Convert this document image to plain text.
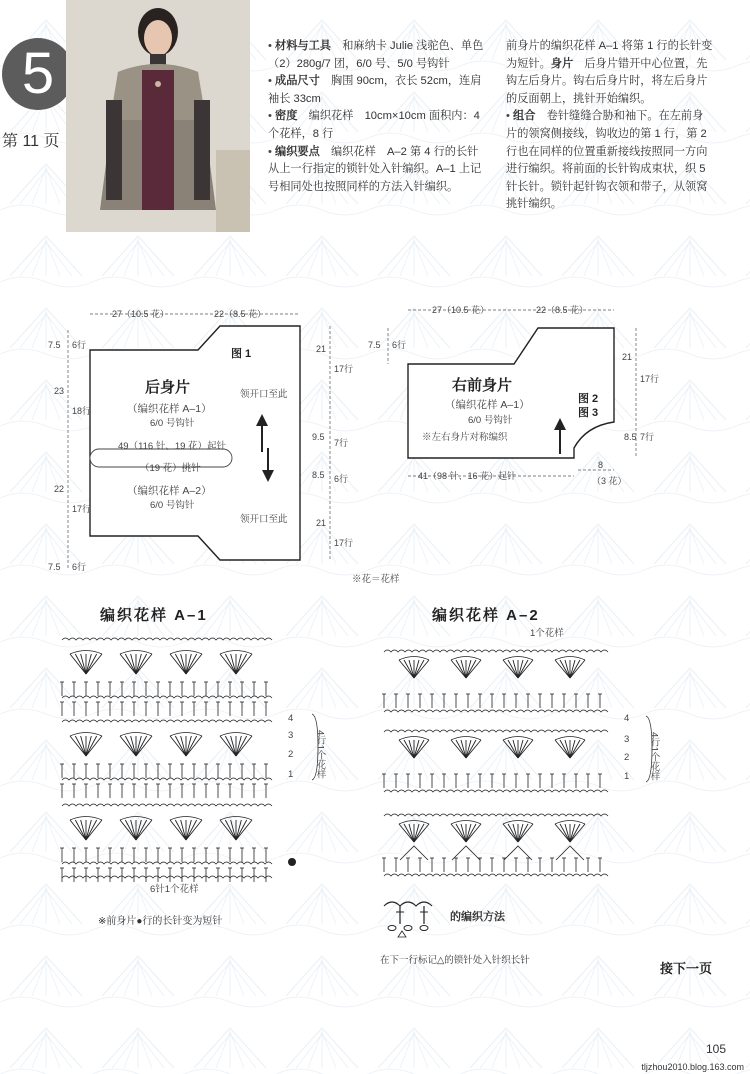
5
第 11 页

• 材料与工具　 和麻纳卡 Julie 浅驼色、单色（2）280g/7 团，6/0 号、5/0 号钩针

• 成品尺寸　 胸围 90cm，衣长 52cm，连肩袖长 33cm

• 密度　 编织花样　10cm×10cm 面积内：4 个花样，8 行

• 编织要点　 编织花样　A–2 第 4 行的长针从上一行指定的锁针处入针编织。A–1 上记号相同处也按照同样的方法入针编织。

前身片的编织花样 A–1 将第 1 行的长针变为短针。身片　 后身片错开中心位置，先钩左后身片。钩右后身片时，将左后身片的反面朝上，挑针开始编织。

• 组合　 卷针缝缝合胁和袖下。在左前身片的领窝侧接线，钩收边的第 1 行，第 2 行也在同样的位置重新接线按照同一方向进行编织。将前面的长针钩成束状，织 5 针长针。锁针起针钩衣领和带子，从领窝挑针编织。

27（10.5 花）	22（8.5 花）
图 1
后身片
（编织花样 A–1）
6/0 号钩针
49（116 针、19 花）起针
（19 花）挑针
（编织花样 A–2）
6/0 号钩针
领开口至此
领开口至此
7.5 6行
23
18行
22
17行
7.5 6行
21
17行
9.5
7行
8.5 6行
21
17行
※花＝花样
27（10.5 花）	22（8.5 花）
右前身片
（编织花样 A–1）
6/0 号钩针
※左右身片对称编织
图 2
图 3
41（98 针、16 花）起针
8
（3 花）
7.5 6行
21
17行
8.5 7行
编织花样 A–1	编织花样 A–2
4
3
2
1 4行1个花样
6针1个花样
※前身片●行的长针变为短针
1个花样
4
3
2
1 4行1个花样
的编织方法
在下一行标记△的锁针处入针织长针
接下一页
105
tljzhou2010.blog.163.com
